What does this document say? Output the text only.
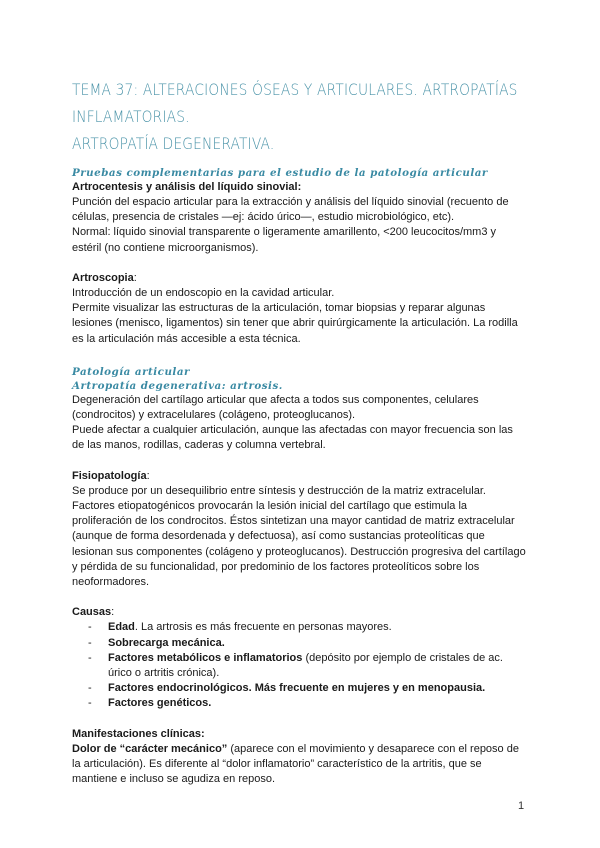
TEMA 37: ALTERACIONES ÓSEAS Y ARTICULARES. ARTROPATÍAS INFLAMATORIAS.
ARTROPATÍA DEGENERATIVA.
Pruebas complementarias para el estudio de la patología articular
Artrocentesis y análisis del líquido sinovial:

Punción del espacio articular para la extracción y análisis del líquido sinovial (recuento de células, presencia de cristales —ej: ácido úrico—, estudio microbiológico, etc).

Normal: líquido sinovial transparente o ligeramente amarillento, <200 leucocitos/mm3 y estéril (no contiene microorganismos).

Artroscopia:

Introducción de un endoscopio en la cavidad articular.

Permite visualizar las estructuras de la articulación, tomar biopsias y reparar algunas lesiones (menisco, ligamentos) sin tener que abrir quirúrgicamente la articulación. La rodilla es la articulación más accesible a esta técnica.

Patología articular
Artropatía degenerativa: artrosis.

Degeneración del cartílago articular que afecta a todos sus componentes, celulares (condrocitos) y extracelulares (colágeno, proteoglucanos).

Puede afectar a cualquier articulación, aunque las afectadas con mayor frecuencia son las de las manos, rodillas, caderas y columna vertebral.

Fisiopatología:

Se produce por un desequilibrio entre síntesis y destrucción de la matriz extracelular. Factores etiopatogénicos provocarán la lesión inicial del cartílago que estimula la proliferación de los condrocitos. Éstos sintetizan una mayor cantidad de matriz extracelular (aunque de forma desordenada y defectuosa), así como sustancias proteolíticas que lesionan sus componentes (colágeno y proteoglucanos). Destrucción progresiva del cartílago y pérdida de su funcionalidad, por predominio de los factores proteolíticos sobre los neoformadores.

Causas:

- Edad. La artrosis es más frecuente en personas mayores.
- Sobrecarga mecánica.
- Factores metabólicos e inflamatorios (depósito por ejemplo de cristales de ac. úrico o artritis crónica).
- Factores endocrinológicos. Más frecuente en mujeres y en menopausia.
- Factores genéticos.
Manifestaciones clínicas:

Dolor de “carácter mecánico” (aparece con el movimiento y desaparece con el reposo de la articulación). Es diferente al “dolor inflamatorio” característico de la artritis, que se mantiene e incluso se agudiza en reposo.

1
